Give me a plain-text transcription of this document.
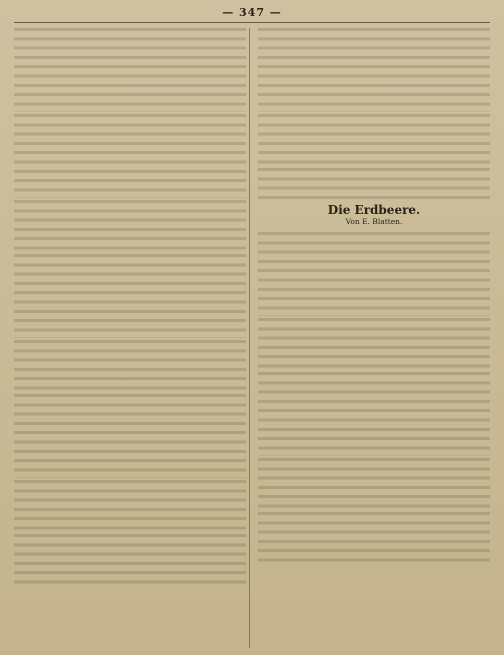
— 347 —

Die Erdbeere.
Von E. Blatten.
